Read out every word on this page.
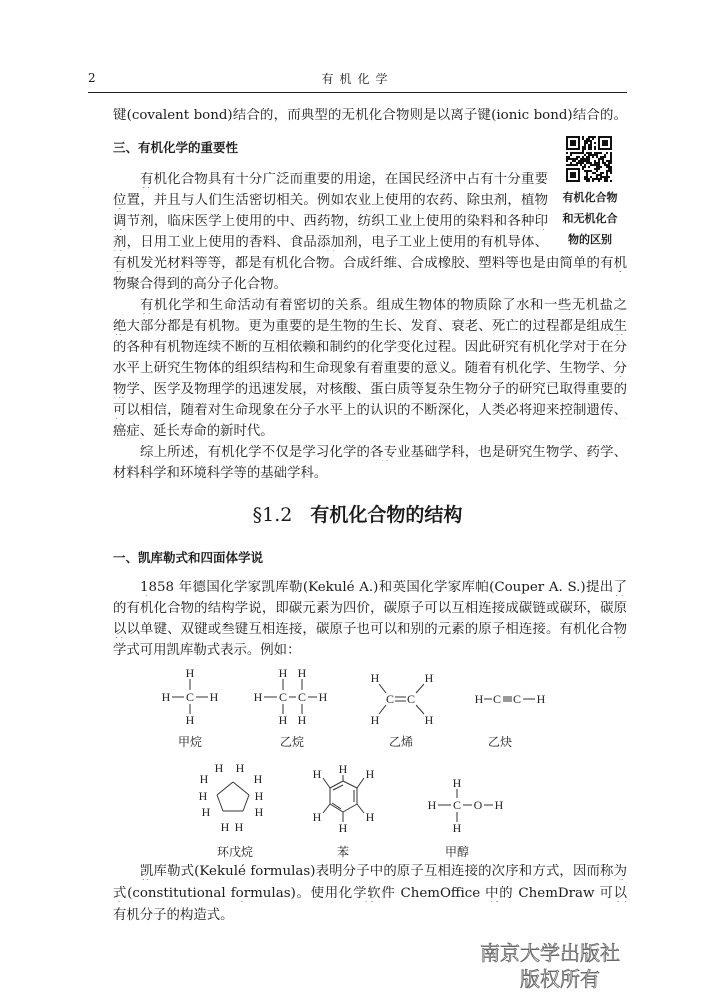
2	有机化学
键(covalent bond)结合的，而典型的无机化合物则是以离子键(ionic bond)结合的。
三、有机化学的重要性
有机化合物
和无机化合
物的区别
有机化合物具有十分广泛而重要的用途，在国民经济中占有十分重要
位置，并且与人们生活密切相关。例如农业上使用的农药、除虫剂，植物
调节剂，临床医学上使用的中、西药物，纺织工业上使用的染料和各种印
剂，日用工业上使用的香料、食品添加剂，电子工业上使用的有机导体、
有机发光材料等等，都是有机化合物。合成纤维、合成橡胶、塑料等也是由简单的有机
物聚合得到的高分子化合物。
有机化学和生命活动有着密切的关系。组成生物体的物质除了水和一些无机盐之
绝大部分都是有机物。更为重要的是生物的生长、发育、衰老、死亡的过程都是组成生
的各种有机物连续不断的互相依赖和制约的化学变化过程。因此研究有机化学对于在分
水平上研究生物体的组织结构和生命现象有着重要的意义。随着有机化学、生物学、分
物学、医学及物理学的迅速发展，对核酸、蛋白质等复杂生物分子的研究已取得重要的
可以相信，随着对生命现象在分子水平上的认识的不断深化，人类必将迎来控制遗传、
癌症、延长寿命的新时代。
综上所述，有机化学不仅是学习化学的各专业基础学科，也是研究生物学、药学、
材料科学和环境科学等的基础学科。
§1.2 有机化合物的结构
一、凯库勒式和四面体学说
1858 年德国化学家凯库勒(Kekulé A.)和英国化学家库帕(Couper A. S.)提出了
的有机化合物的结构学说，即碳元素为四价，碳原子可以互相连接成碳链或碳环，碳原
以以单键、双键或叁键互相连接，碳原子也可以和别的元素的原子相连接。有机化合物
学式可用凯库勒式表示。例如：
C
H
H
H	H
甲烷
C C
H	H
H H
H H
乙烷
C C
H	H
H	H
乙烯
H C C H
乙炔
H H
H	H
H	H
H	H
H H
环戊烷
H H
H
H
H
H
苯
C
H	O H
H
H
甲醇
凯库勒式(Kekulé formulas)表明分子中的原子互相连接的次序和方式，因而称为
式(constitutional formulas)。使用化学软件 ChemOffice 中的 ChemDraw 可以
有机分子的构造式。
南京大学出版社
版权所有
